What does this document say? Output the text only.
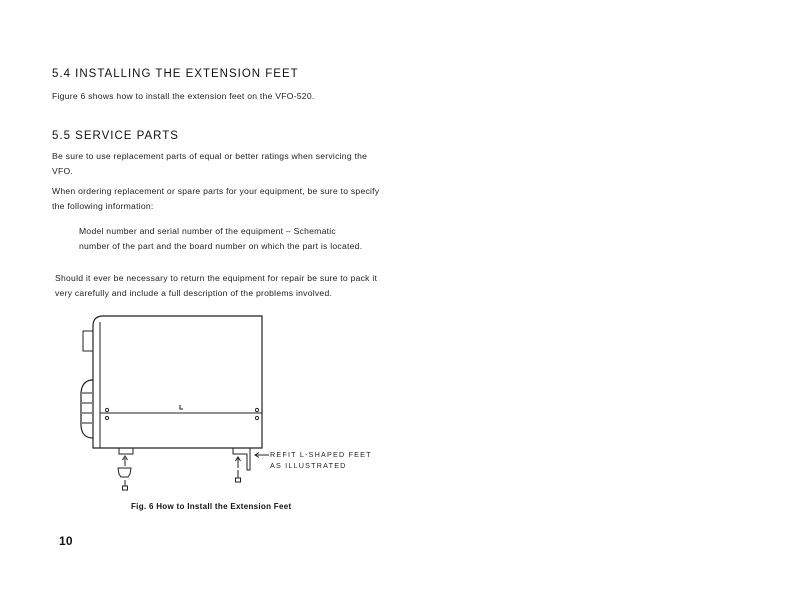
5.4 INSTALLING THE EXTENSION FEET

Figure 6 shows how to install the extension feet on the VFO-520.

5.5 SERVICE PARTS

Be sure to use replacement parts of equal or better ratings when servicing the VFO.

When ordering replacement or spare parts for your equipment, be sure to specify the following information:

Model number and serial number of the equipment – Schematic number of the part and the board number on which the part is located.

Should it ever be necessary to return the equipment for repair be sure to pack it very carefully and include a full description of the problems involved.

REFIT L-SHAPED FEET
AS ILLUSTRATED

Fig. 6 How to Install the Extension Feet

10
